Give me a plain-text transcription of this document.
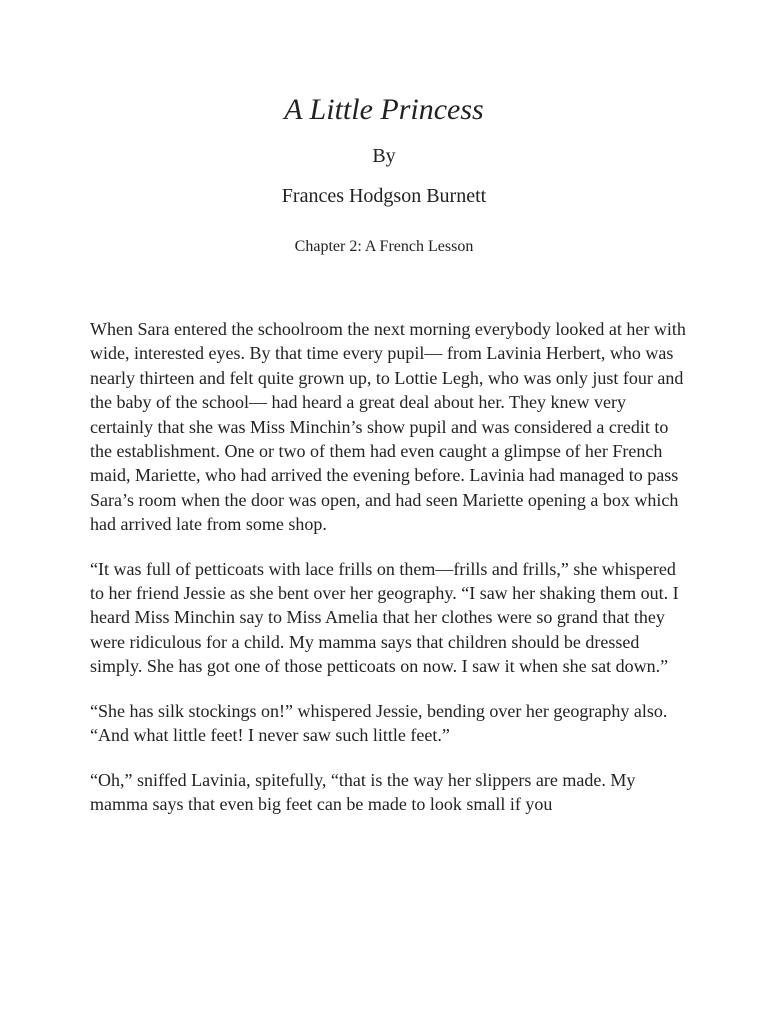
A Little Princess
By
Frances Hodgson Burnett
Chapter 2: A French Lesson

When Sara entered the schoolroom the next morning everybody looked at her with wide, interested eyes. By that time every pupil— from Lavinia Herbert, who was nearly thirteen and felt quite grown up, to Lottie Legh, who was only just four and the baby of the school— had heard a great deal about her. They knew very certainly that she was Miss Minchin’s show pupil and was considered a credit to the establishment. One or two of them had even caught a glimpse of her French maid, Mariette, who had arrived the evening before. Lavinia had managed to pass Sara’s room when the door was open, and had seen Mariette opening a box which had arrived late from some shop.

“It was full of petticoats with lace frills on them—frills and frills,” she whispered to her friend Jessie as she bent over her geography. “I saw her shaking them out. I heard Miss Minchin say to Miss Amelia that her clothes were so grand that they were ridiculous for a child. My mamma says that children should be dressed simply. She has got one of those petticoats on now. I saw it when she sat down.”

“She has silk stockings on!” whispered Jessie, bending over her geography also. “And what little feet! I never saw such little feet.”

“Oh,” sniffed Lavinia, spitefully, “that is the way her slippers are made. My mamma says that even big feet can be made to look small if you
